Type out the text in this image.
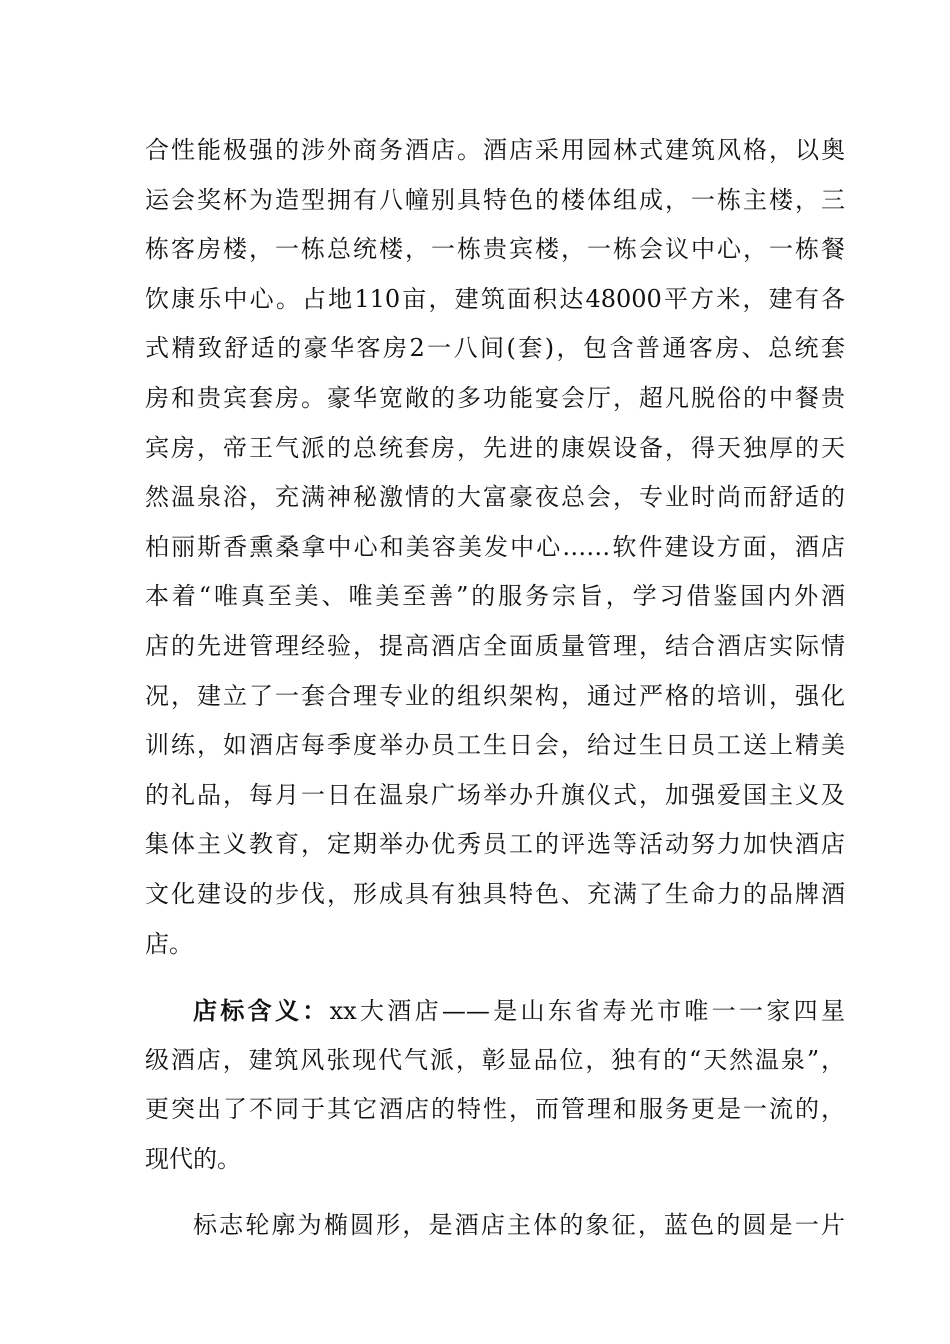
合性能极强的涉外商务酒店。酒店采用园林式建筑风格，以奥
运会奖杯为造型拥有八幢别具特色的楼体组成，一栋主楼，三
栋客房楼，一栋总统楼，一栋贵宾楼，一栋会议中心，一栋餐
饮康乐中心。占地110亩，建筑面积达48000平方米，建有各
式精致舒适的豪华客房2一八间(套)，包含普通客房、总统套
房和贵宾套房。豪华宽敞的多功能宴会厅，超凡脱俗的中餐贵
宾房，帝王气派的总统套房，先进的康娱设备，得天独厚的天
然温泉浴，充满神秘激情的大富豪夜总会，专业时尚而舒适的
柏丽斯香熏桑拿中心和美容美发中心……软件建设方面，酒店
本着“唯真至美、唯美至善”的服务宗旨，学习借鉴国内外酒
店的先进管理经验，提高酒店全面质量管理，结合酒店实际情
况，建立了一套合理专业的组织架构，通过严格的培训，强化
训练，如酒店每季度举办员工生日会，给过生日员工送上精美
的礼品，每月一日在温泉广场举办升旗仪式，加强爱国主义及
集体主义教育，定期举办优秀员工的评选等活动努力加快酒店
文化建设的步伐，形成具有独具特色、充满了生命力的品牌酒
店。
店标含义：xx大酒店——是山东省寿光市唯一一家四星
级酒店，建筑风张现代气派，彰显品位，独有的“天然温泉”，
更突出了不同于其它酒店的特性，而管理和服务更是一流的，
现代的。
标志轮廓为椭圆形，是酒店主体的象征，蓝色的圆是一片
